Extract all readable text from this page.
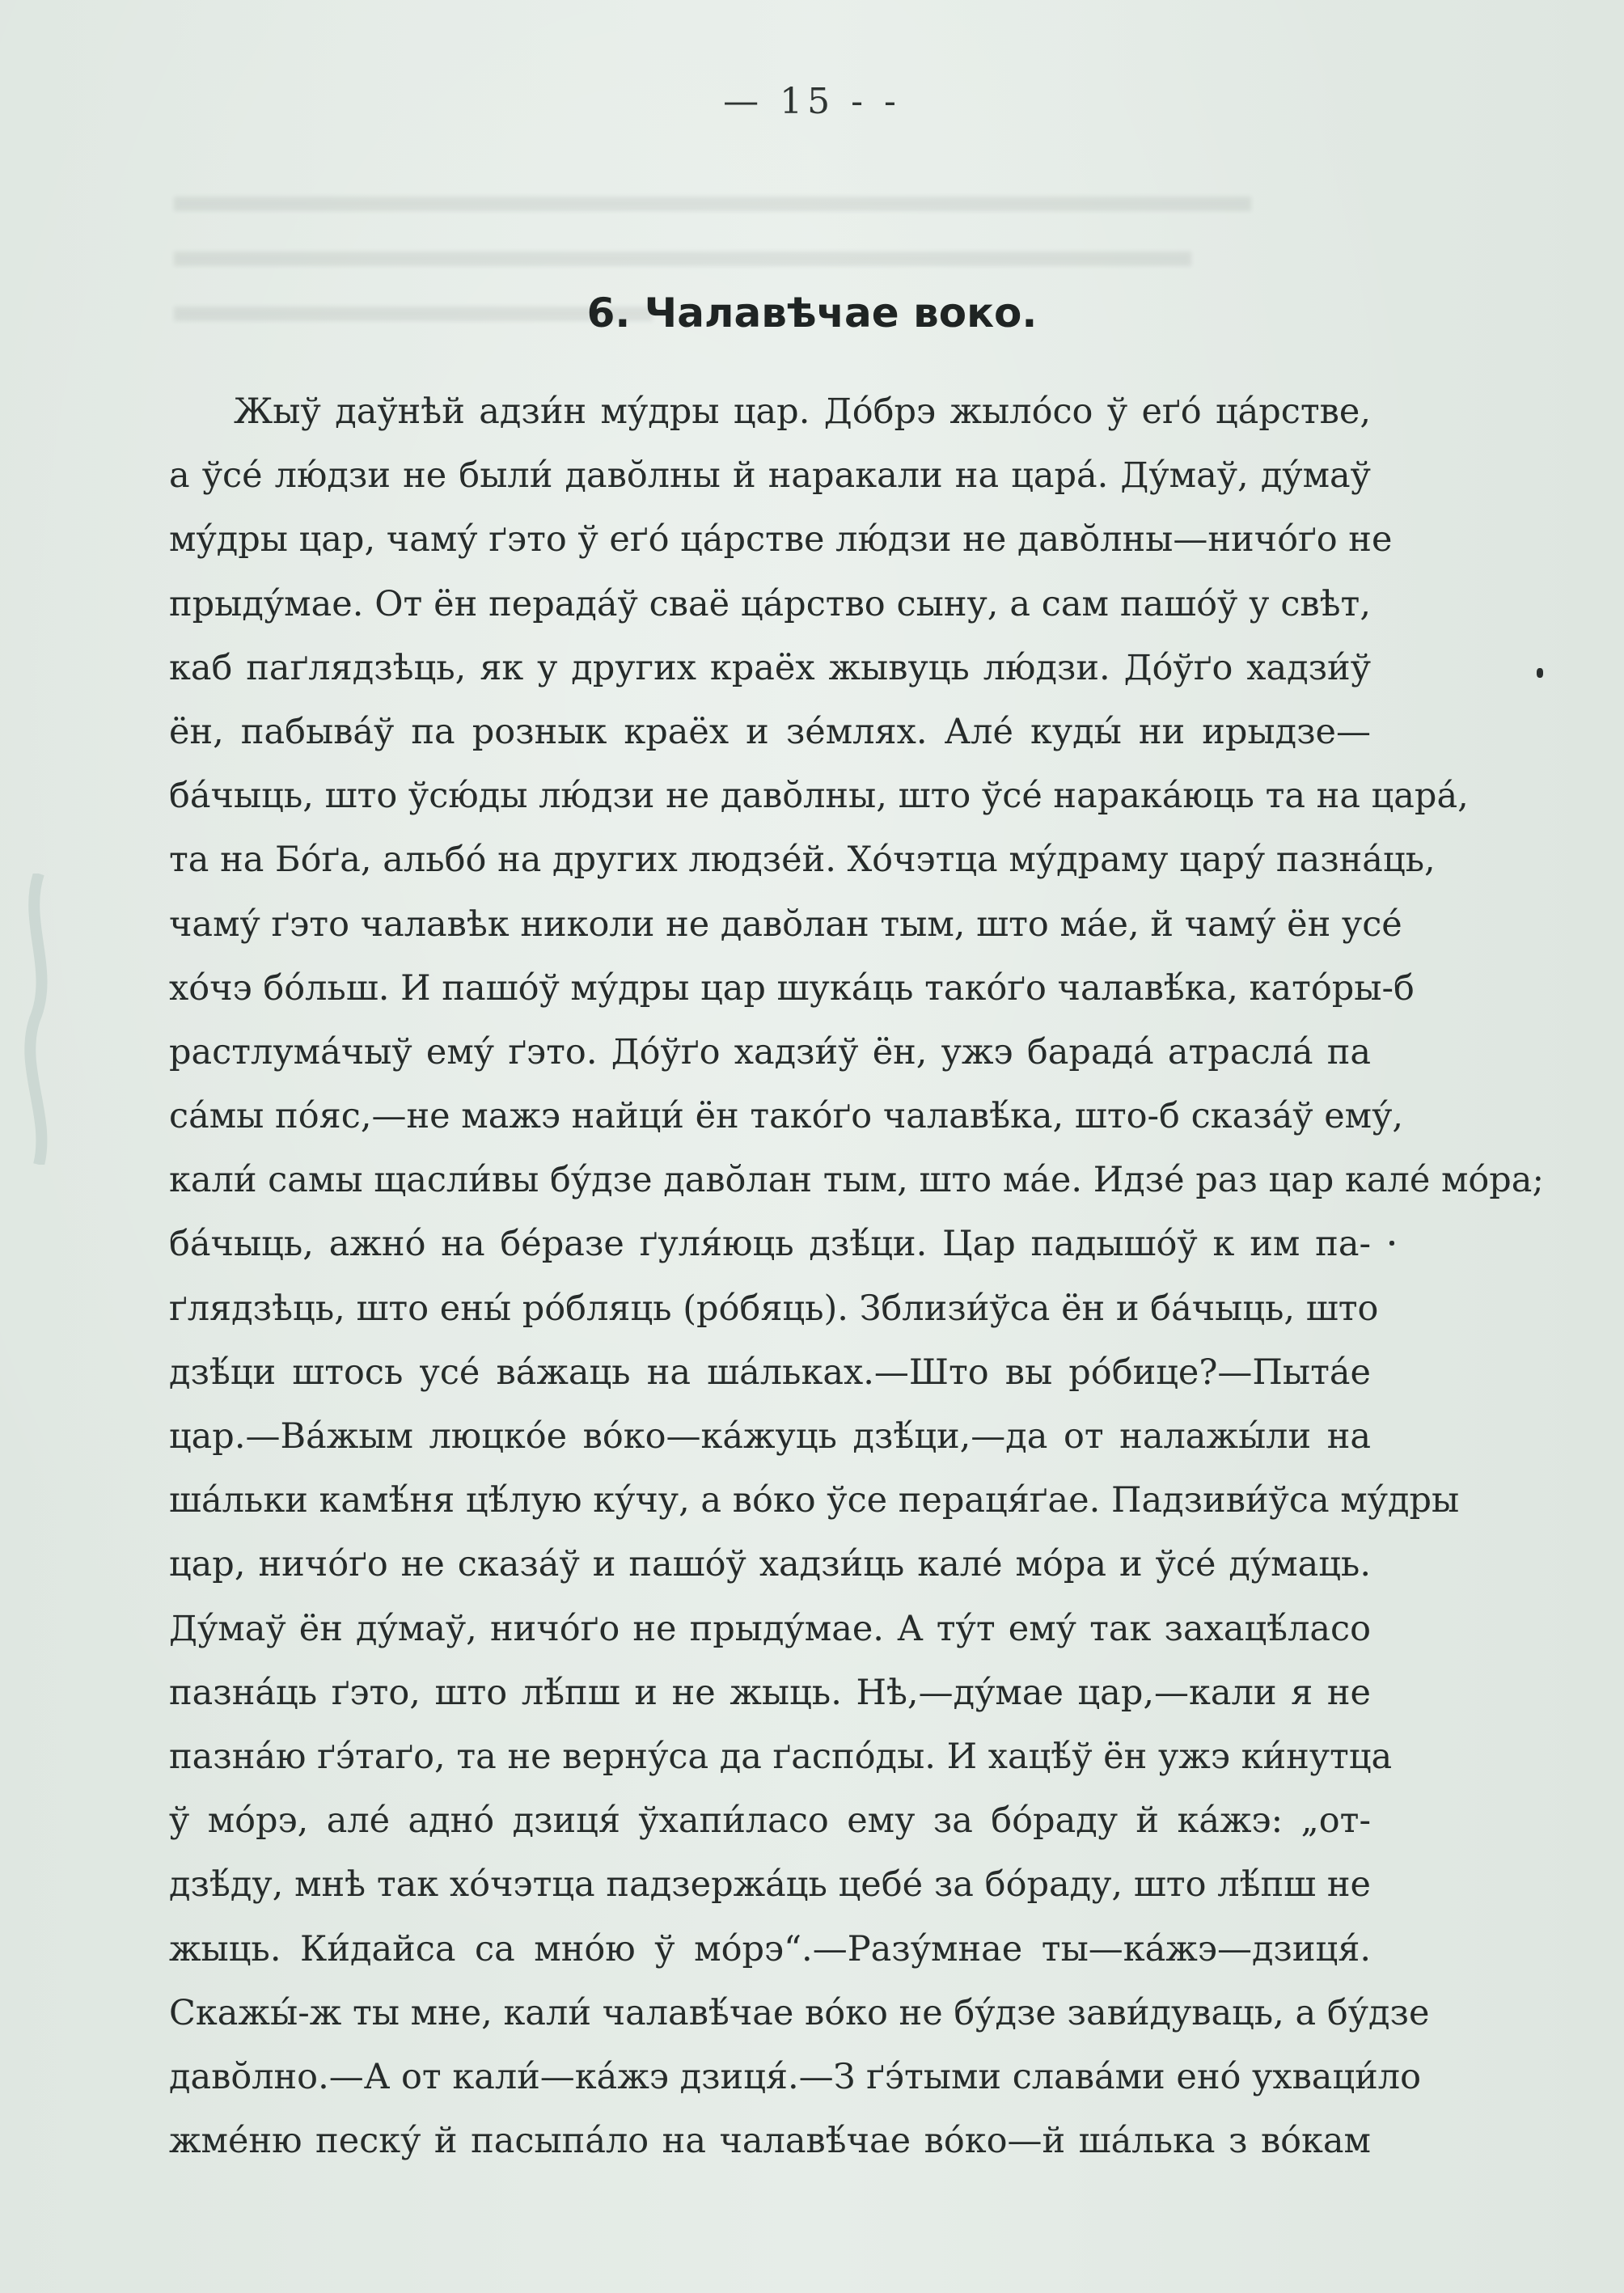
— 15 - -
6. Чалавѣчае воко.
Жыў даўнѣй адзи́н му́дры цар. До́брэ жыло́со ў еґо́ ца́рстве,
а ўсе́ лю́дзи не были́ даво̆лны й наракали на цара́. Ду́маў, ду́маў
му́дры цар, чаму́ ґэто ў еґо́ ца́рстве лю́дзи не даво̆лны—ничо́ґо не
прыду́мае. От ён перада́ў сваё ца́рство сыну, а сам пашо́ў у свѣт,
каб паґлядзѣць, як у других краёх жывуць лю́дзи. До́ўґо хадзи́ў
ён, пабыва́ў па рознык краёх и зе́млях. Але́ куды́ ни ирыдзе—
ба́чыць, што ўсю́ды лю́дзи не даво̆лны, што ўсе́ нарака́юць та на цара́,
та на Бо́ґа, альбо́ на других людзе́й. Хо́чэтца му́драму цару́ пазна́ць,
чаму́ ґэто чалавѣк николи не даво̆лан тым, што ма́е, й чаму́ ён усе́
хо́чэ бо́льш. И пашо́ў му́дры цар шука́ць тако́ґо чалавѣ́ка, като́ры-б
растлума́чыў ему́ ґэто. До́ўґо хадзи́ў ён, ужэ барада́ атрасла́ па
са́мы по́яс,—не мажэ найци́ ён тако́ґо чалавѣ́ка, што-б сказа́ў ему́,
кали́ самы щасли́вы бу́дзе даво̆лан тым, што ма́е. Идзе́ раз цар кале́ мо́ра;
ба́чыць, ажно́ на бе́разе ґуля́юць дзѣ́ци. Цар падышо́ў к им па-
ґлядзѣць, што ены́ ро́бляць (ро́бяць). Зблизи́ўса ён и ба́чыць, што
дзѣ́ци штось усе́ ва́жаць на ша́льках.—Што вы ро́бице?—Пыта́е
цар.—Ва́жым люцко́е во́ко—ка́жуць дзѣ́ци,—да от налажы́ли на
ша́льки камѣ́ня цѣ́лую ку́чу, а во́ко ўсе пераця́ґае. Падзиви́ўса му́дры
цар, ничо́ґо не сказа́ў и пашо́ў хадзи́ць кале́ мо́ра и ўсе́ ду́маць.
Ду́маў ён ду́маў, ничо́ґо не прыду́мае. А ту́т ему́ так захацѣ́ласо
пазна́ць ґэто, што лѣ́пш и не жыць. Нѣ,—ду́мае цар,—кали я не
пазна́ю ґэ́таґо, та не верну́са да ґаспо́ды. И хацѣ́ў ён ужэ ки́нутца
ў мо́рэ, але́ адно́ дзиця́ ўхапи́ласо ему за бо́раду й ка́жэ: „от-
дзѣ́ду, мнѣ так хо́чэтца падзержа́ць цебе́ за бо́раду, што лѣ́пш не
жыць. Ки́дайса са мно́ю ў мо́рэ“.—Разу́мнае ты—ка́жэ—дзиця́.
Скажы́-ж ты мне, кали́ чалавѣ́чае во́ко не бу́дзе зави́дуваць, а бу́дзе
даво̆лно.—А от кали́—ка́жэ дзиця́.—З ґэ́тыми слава́ми ено́ ухваци́ло
жме́ню песку́ й пасыпа́ло на чалавѣ́чае во́ко—й ша́лька з во́кам
